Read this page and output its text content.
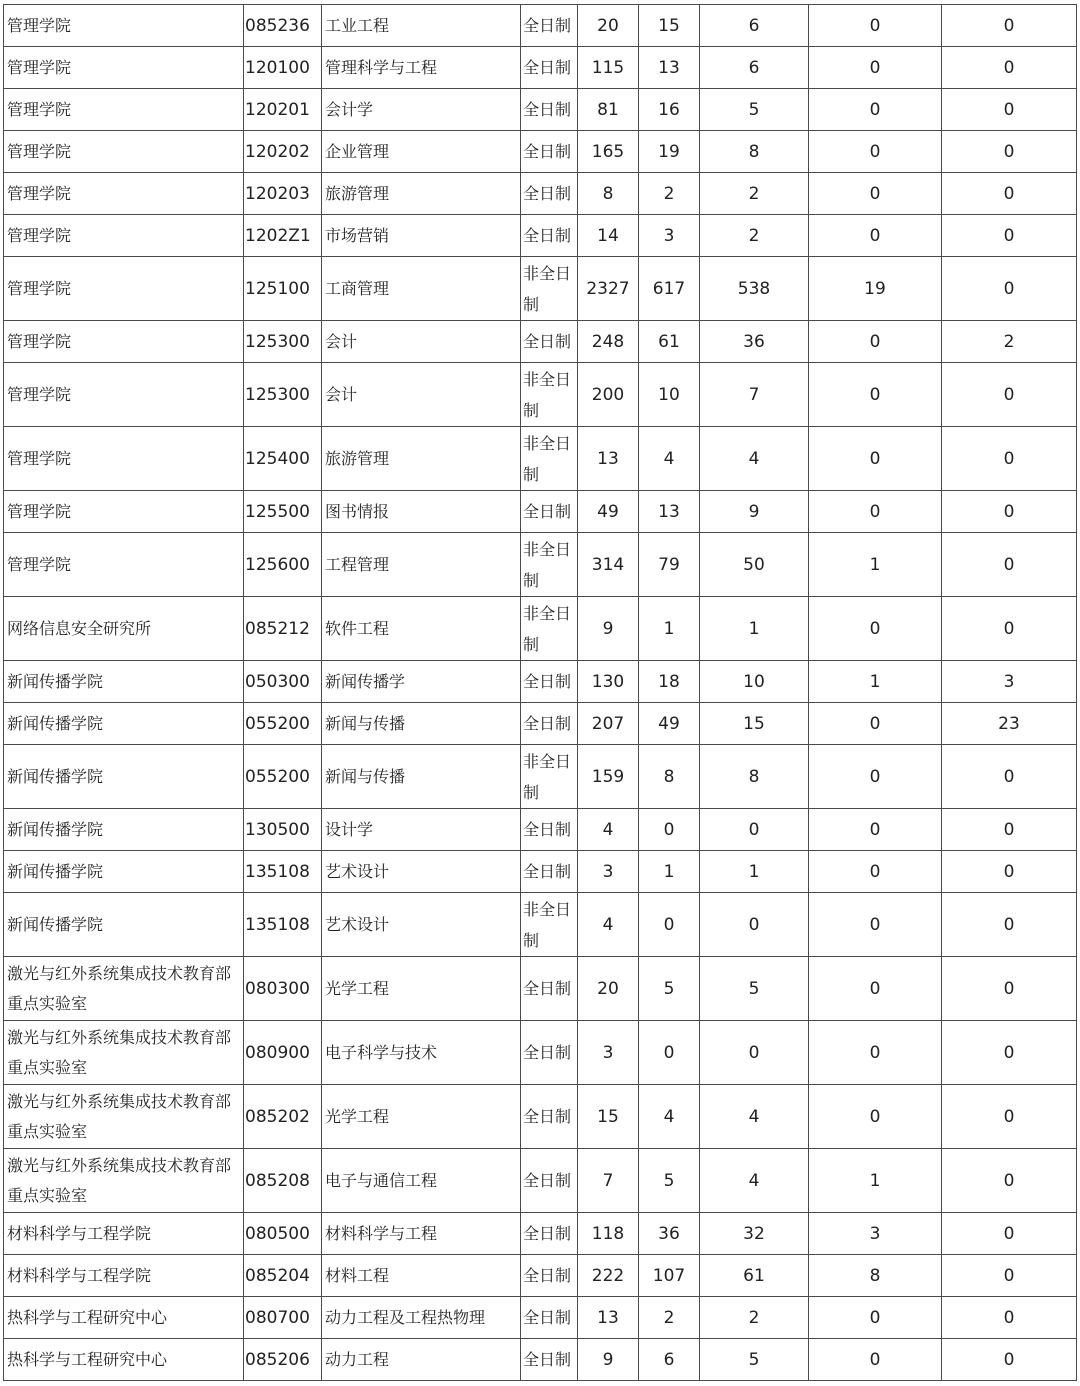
管理学院	085236	工业工程	全日制	20	15	6	0	0
管理学院	120100	管理科学与工程	全日制	115	13	6	0	0
管理学院	120201	会计学	全日制	81	16	5	0	0
管理学院	120202	企业管理	全日制	165	19	8	0	0
管理学院	120203	旅游管理	全日制	8	2	2	0	0
管理学院	1202Z1	市场营销	全日制	14	3	2	0	0
管理学院	125100	工商管理	非全日制	2327	617	538	19	0
管理学院	125300	会计	全日制	248	61	36	0	2
管理学院	125300	会计	非全日制	200	10	7	0	0
管理学院	125400	旅游管理	非全日制	13	4	4	0	0
管理学院	125500	图书情报	全日制	49	13	9	0	0
管理学院	125600	工程管理	非全日制	314	79	50	1	0
网络信息安全研究所	085212	软件工程	非全日制	9	1	1	0	0
新闻传播学院	050300	新闻传播学	全日制	130	18	10	1	3
新闻传播学院	055200	新闻与传播	全日制	207	49	15	0	23
新闻传播学院	055200	新闻与传播	非全日制	159	8	8	0	0
新闻传播学院	130500	设计学	全日制	4	0	0	0	0
新闻传播学院	135108	艺术设计	全日制	3	1	1	0	0
新闻传播学院	135108	艺术设计	非全日制	4	0	0	0	0
激光与红外系统集成技术教育部重点实验室	080300	光学工程	全日制	20	5	5	0	0
激光与红外系统集成技术教育部重点实验室	080900	电子科学与技术	全日制	3	0	0	0	0
激光与红外系统集成技术教育部重点实验室	085202	光学工程	全日制	15	4	4	0	0
激光与红外系统集成技术教育部重点实验室	085208	电子与通信工程	全日制	7	5	4	1	0
材料科学与工程学院	080500	材料科学与工程	全日制	118	36	32	3	0
材料科学与工程学院	085204	材料工程	全日制	222	107	61	8	0
热科学与工程研究中心	080700	动力工程及工程热物理	全日制	13	2	2	0	0
热科学与工程研究中心	085206	动力工程	全日制	9	6	5	0	0
